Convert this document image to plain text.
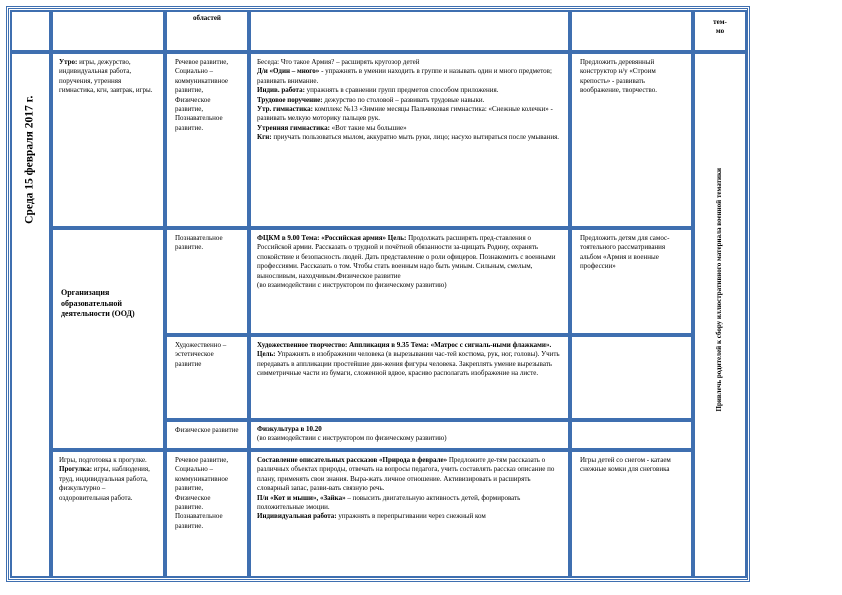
областей	тем-
мо
Среда 15 февраля 2017 г.
Привлечь родителей к сбору иллюстративного материала военной тематики
Утро: игры, дежурство, индивидуальная работа, поручения, утренняя гимнастика, кгн, завтрак, игры.
Речевое развитие, Социально – коммуникативное развитие, Физическое развитие, Познавательное развитие.
Беседа: Что такое Армия? – расширять кругозор детей
Д/и «Один – много» - упражнять в умении находить в группе и называть один и много предметов; развивать внимание.
Индив. работа: упражнять в сравнении групп предметов способом приложения.
Трудовое поручение: дежурство по столовой – развивать трудовые навыки.
Утр. гимнастика: комплекс №13 «Зимние месяцы Пальчиковая гимнастика: «Снежные колечки» - развивать мелкую моторику пальцев рук.
Утренняя гимнастика: «Вот такие мы большие»
Кгн: приучать пользоваться мылом, аккуратно мыть руки, лицо; насухо вытираться после умывания.
Предложить деревянный конструктор н/у «Строим крепость» - развивать воображение, творчество.
Организация образовательной деятельности (ООД)
Познавательное развитие.
ФЦКМ в 9.00 Тема: «Российская армия» Цель: Продолжать расширять пред-ставления о Российской армии. Рассказать о трудной и почётной обязанности за-щищать Родину, охранять спокойствие и безопасность людей. Дать представление о роли офицеров. Познакомить с военными профессиями. Рассказать о том. Чтобы стать военным надо быть умным. Сильным, смелым, выносливым, находчивым.Физическое развитие
(во взаимодействии с инструктором по физическому развитию)
Предложить детям для самос-тоятельного рассматривания альбом «Армия и военные профессии»
Художественно – эстетическое развитие
Художественное творчество: Аппликация в 9.35 Тема: «Матрос с сигналь-ными флажками». Цель: Упражнять в изображении человека (в вырезывании час-тей костюма, рук, ног, головы). Учить передавать в аппликации простейшие дви-жения фигуры человека. Закреплять умение вырезывать симметричные части из бумаги, сложенной вдвое, красиво располагать изображение на листе.
Физическое развитие	Физкультура в 10.20
(во взаимодействии с инструктором по физическому развитию)
Игры, подготовка к прогулке. Прогулка: игры, наблюдения, труд, индивидуальная работа, физкультурно – оздоровительная работа.
Речевое развитие, Социально – коммуникативное развитие, Физическое развитие. Познавательное развитие.
Составление описательных рассказов «Природа в феврале» Предложите де-тям рассказать о различных объектах природы, отвечать на вопросы педагога, учить составлять рассказ описание по плану, применять свои знания. Выра-жать личное отношение. Активизировать и расширять словарный запас, разви-вать связную речь.
П/и «Кот и мыши», «Зайка» – повысить двигательную активность детей, формировать положительные эмоции.
Индивидуальная работа: упражнять в перепрыгивании через снежный ком
Игры детей со снегом - катаем снежные комки для снеговика
